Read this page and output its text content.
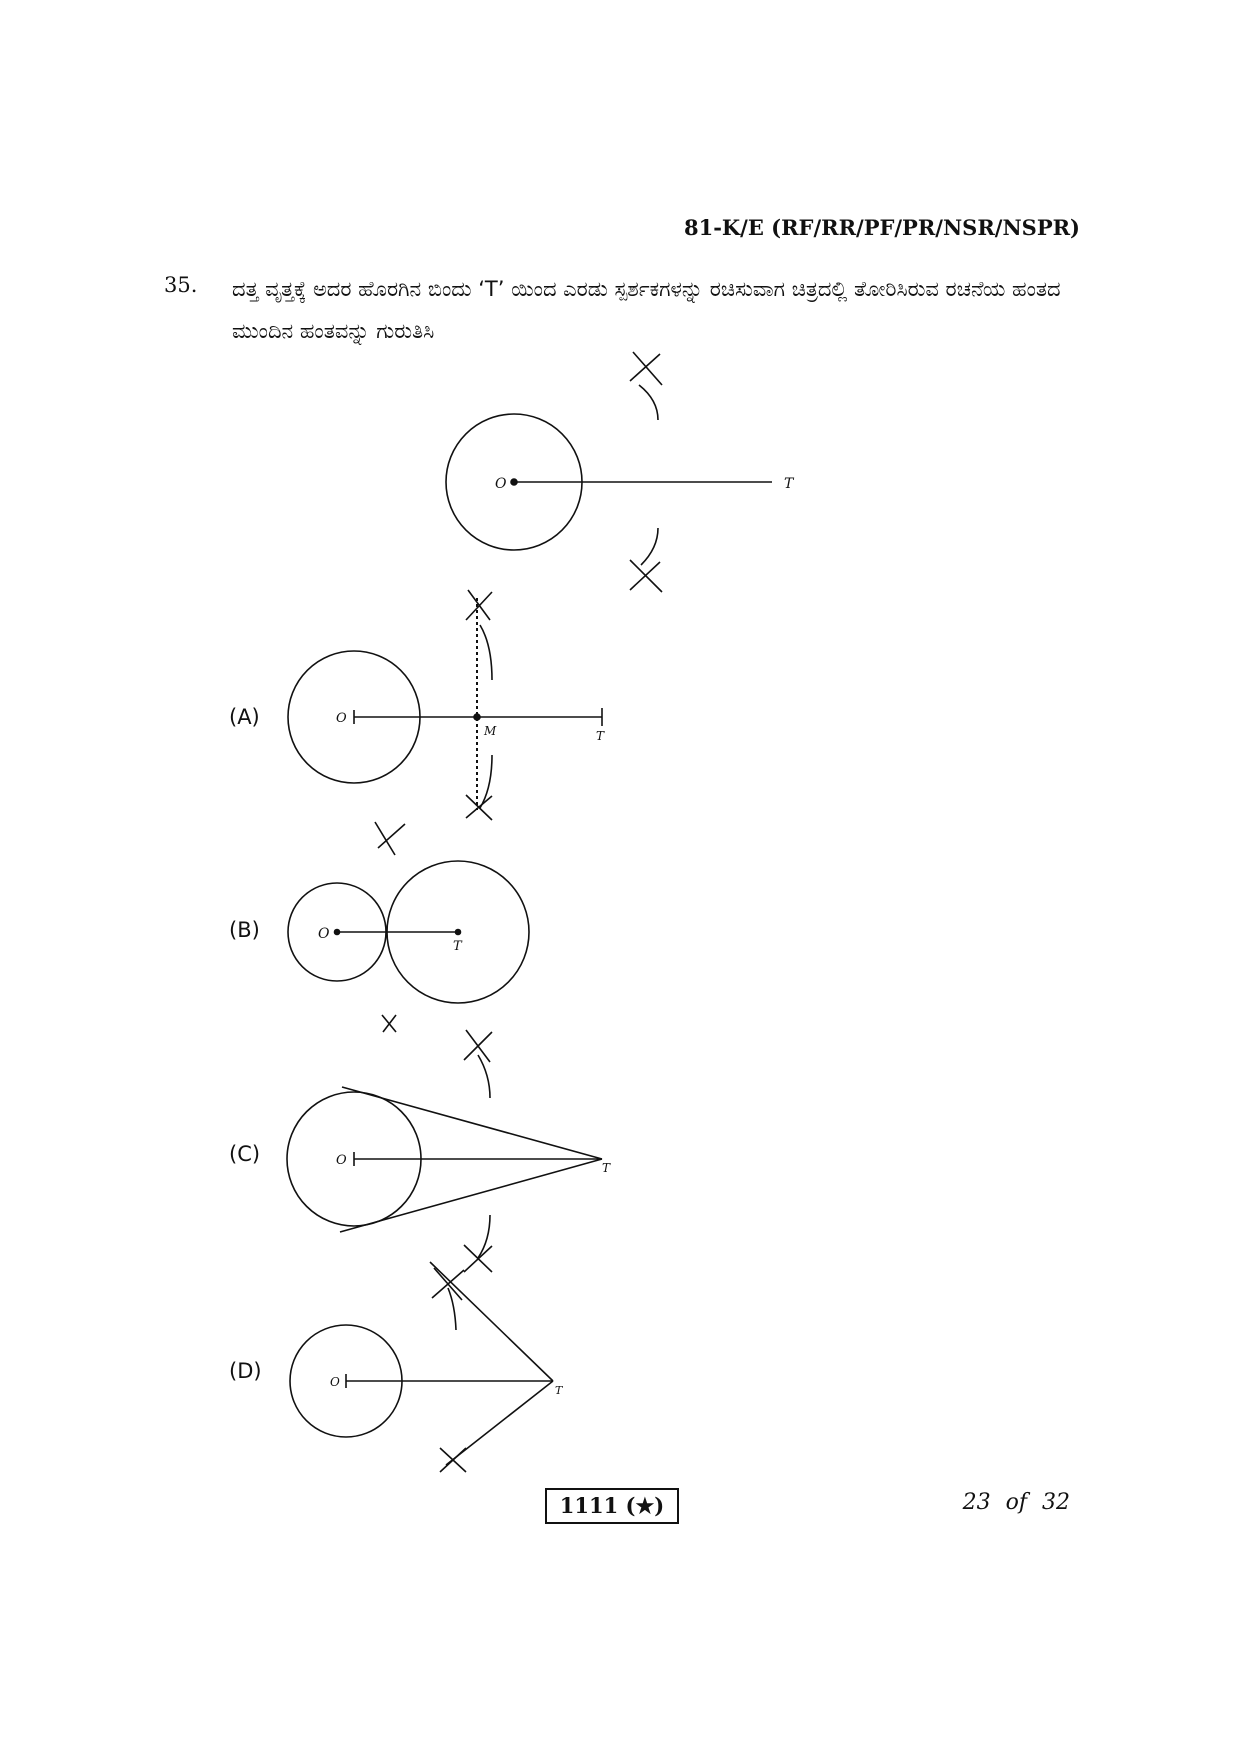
81-K/E (RF/RR/PF/PR/NSR/NSPR)
35. ದತ್ತ ವೃತ್ತಕ್ಕೆ ಅದರ ಹೊರಗಿನ ಬಿಂದು ‘T’ ಯಿಂದ ಎರಡು ಸ್ಪರ್ಶಕಗಳನ್ನು ರಚಿಸುವಾಗ ಚಿತ್ರದಲ್ಲಿ ತೋರಿಸಿರುವ ರಚನೆಯ ಹಂತದ ಮುಂದಿನ ಹಂತವನ್ನು ಗುರುತಿಸಿ
O	T
O
M	T
O
T
O	T
O
T
(A)
(B)
(C)
(D)
1111 (★)	23 of 32
